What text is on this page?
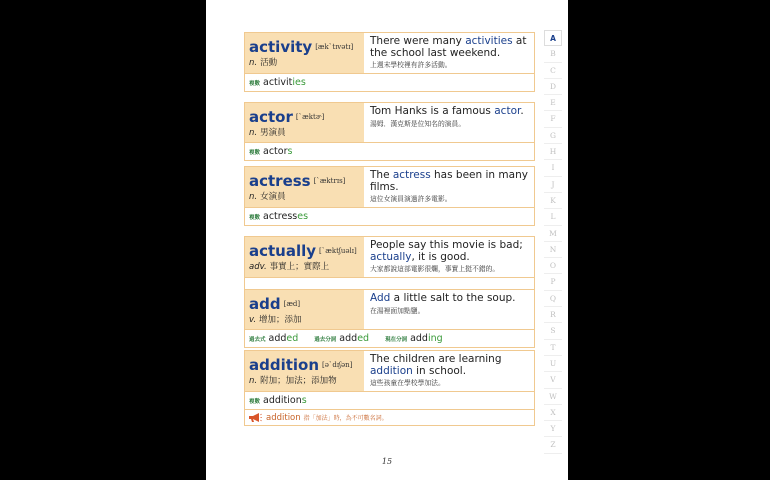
activity [æk`tɪvətɪ]
n. 活動
There were many activities at the school last weekend.
上週末學校裡有許多活動。
複數 activit ies
actor [`æktɚ]
n. 男演員
Tom Hanks is a famous actor.
湯姆．漢克斯是位知名的演員。
複數 actor s
actress [`æktrɪs]
n. 女演員
The actress has been in many films.
這位女演員演過許多電影。
複數 actress es
actually [`æktʃuəlɪ]
adv. 事實上；實際上
People say this movie is bad; actually, it is good.
大家都說這部電影很爛，事實上挺不錯的。
add [æd]
v. 增加；添加
Add a little salt to the soup.
在湯裡面加點鹽。
過去式 add ed	過去分詞 add ed	現在分詞 add ing
addition [ə`dɪʃən]
n. 附加；加法；添加物
The children are learning addition in school.
這些孩童在學校學加法。
複數 addition s
addition 指「加法」時，為不可數名詞。
15
A
B
C
D
E
F
G
H
I
J
K
L
M
N
O
P
Q
R
S
T
U
V
W
X
Y
Z
